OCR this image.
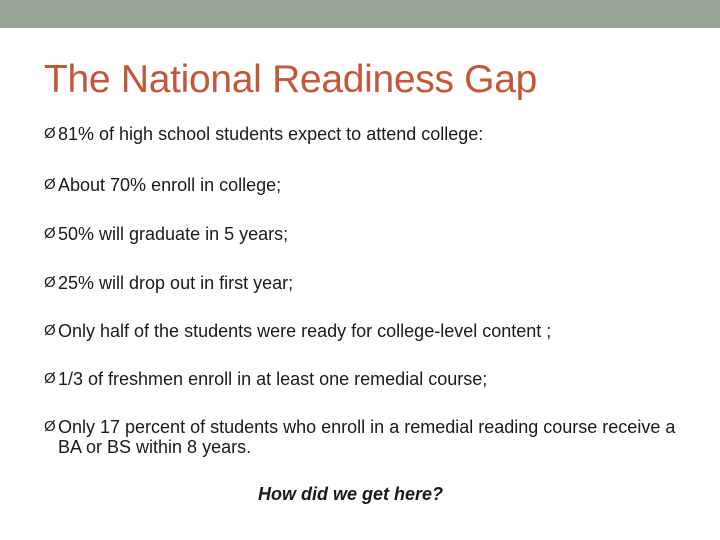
The National Readiness Gap
Ø 81% of high school students expect to attend college:
Ø About 70% enroll in college;
Ø 50% will graduate in 5 years;
Ø 25% will drop out in first year;
Ø Only half of the students were ready for college-level content ;
Ø 1/3 of freshmen enroll in at least one remedial course;
Ø Only 17 percent of students who enroll in a remedial reading course receive a BA or BS within 8 years.

How did we get here?
